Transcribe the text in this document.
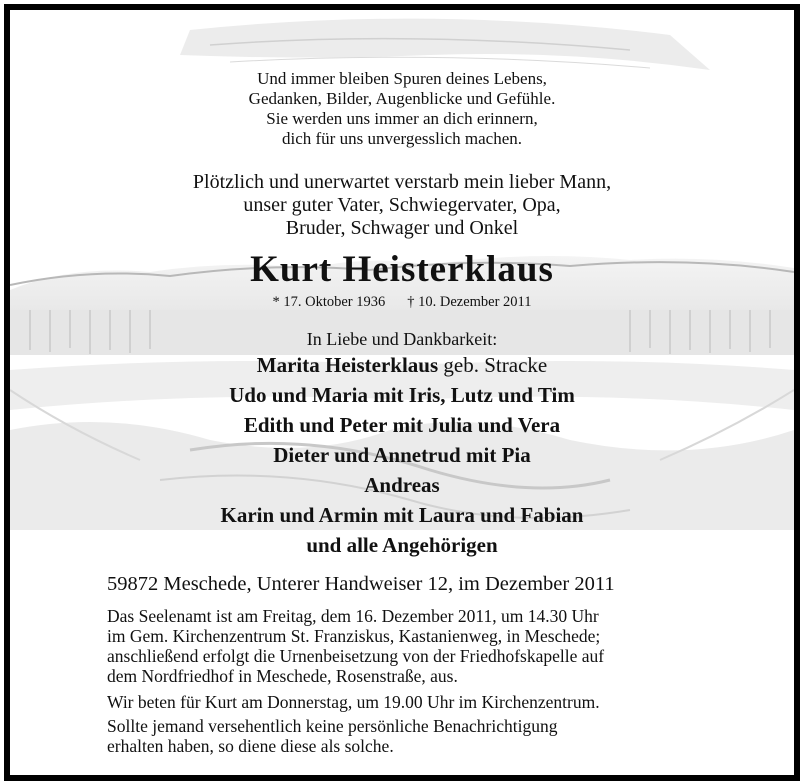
Und immer bleiben Spuren deines Lebens,
Gedanken, Bilder, Augenblicke und Gefühle.
Sie werden uns immer an dich erinnern,
dich für uns unvergesslich machen.
Plötzlich und unerwartet verstarb mein lieber Mann,
unser guter Vater, Schwiegervater, Opa,
Bruder, Schwager und Onkel
Kurt Heisterklaus
* 17. Oktober 1936 † 10. Dezember 2011
In Liebe und Dankbarkeit:
Marita Heisterklaus geb. Stracke
Udo und Maria mit Iris, Lutz und Tim
Edith und Peter mit Julia und Vera
Dieter und Annetrud mit Pia
Andreas
Karin und Armin mit Laura und Fabian
und alle Angehörigen
59872 Meschede, Unterer Handweiser 12, im Dezember 2011
Das Seelenamt ist am Freitag, dem 16. Dezember 2011, um 14.30 Uhr
im Gem. Kirchenzentrum St. Franziskus, Kastanienweg, in Meschede;
anschließend erfolgt die Urnenbeisetzung von der Friedhofskapelle auf
dem Nordfriedhof in Meschede, Rosenstraße, aus.
Wir beten für Kurt am Donnerstag, um 19.00 Uhr im Kirchenzentrum.
Sollte jemand versehentlich keine persönliche Benachrichtigung
erhalten haben, so diene diese als solche.
